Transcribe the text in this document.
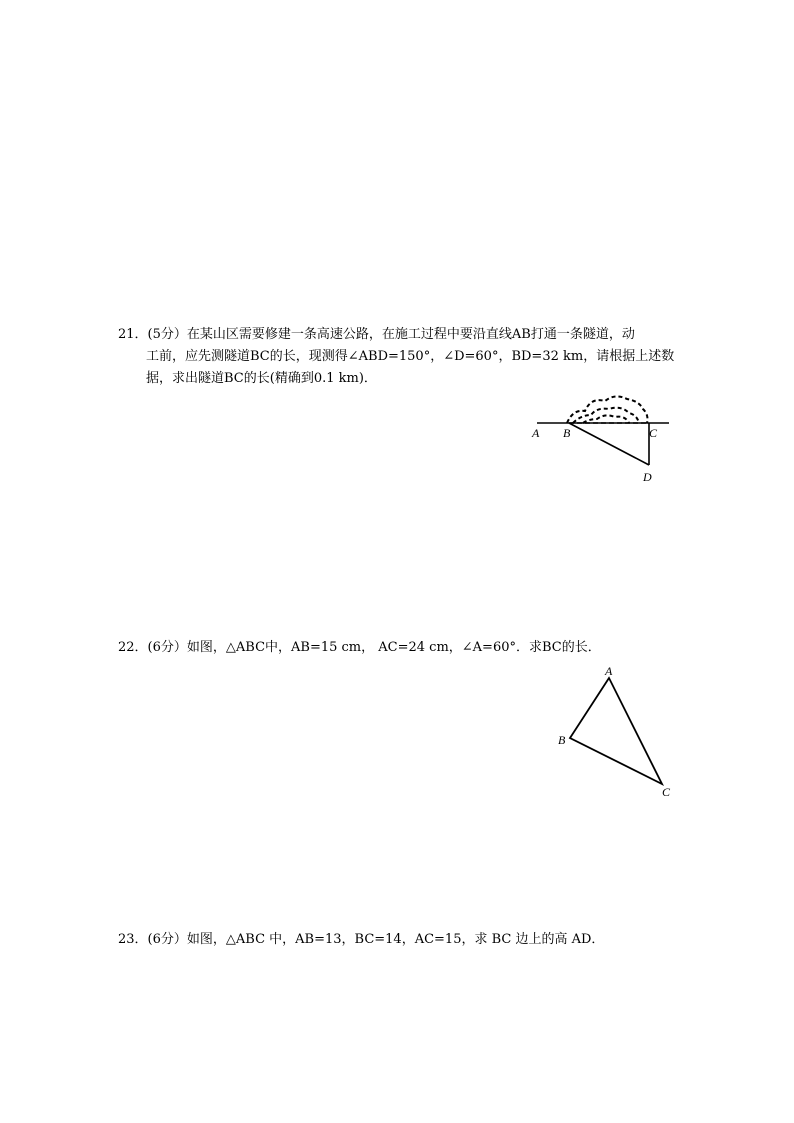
21．(5分）在某山区需要修建一条高速公路，在施工过程中要沿直线AB打通一条隧道，动

工前，应先测隧道BC的长，现测得∠ABD=150°，∠D=60°，BD=32 km，请根据上述数

据，求出隧道BC的长(精确到0.1 km)．

A B	C
D

22．(6分）如图，△ABC中，AB=15 cm， AC=24 cm，∠A=60°．求BC的长．

A
B
C

23．(6分）如图，△ABC 中，AB=13，BC=14，AC=15，求 BC 边上的高 AD．
